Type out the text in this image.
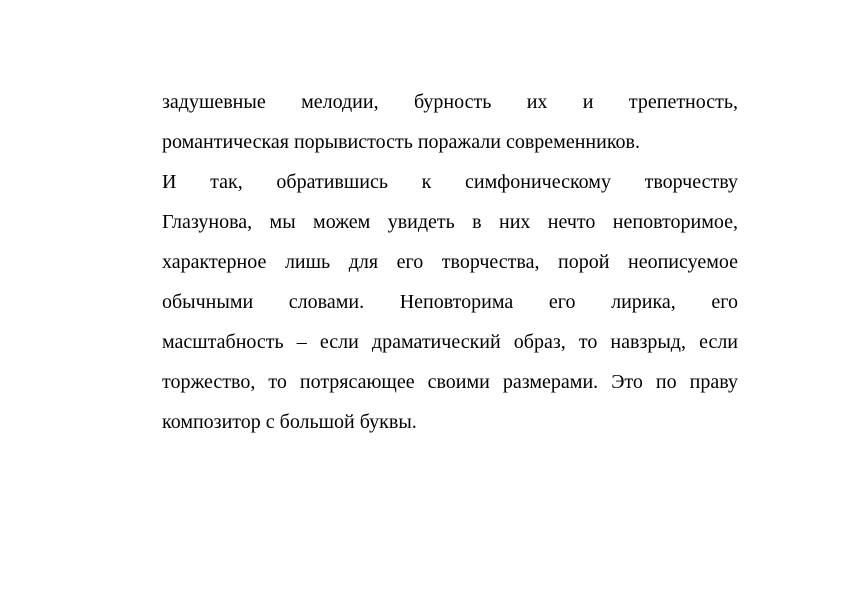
задушевные мелодии, бурность их и трепетность,
романтическая порывистость поражали современников.
И так, обратившись к симфоническому творчеству
Глазунова, мы можем увидеть в них нечто неповторимое,
характерное лишь для его творчества, порой неописуемое
обычными словами. Неповторима его лирика, его
масштабность – если драматический образ, то навзрыд, если
торжество, то потрясающее своими размерами. Это по праву
композитор с большой буквы.
